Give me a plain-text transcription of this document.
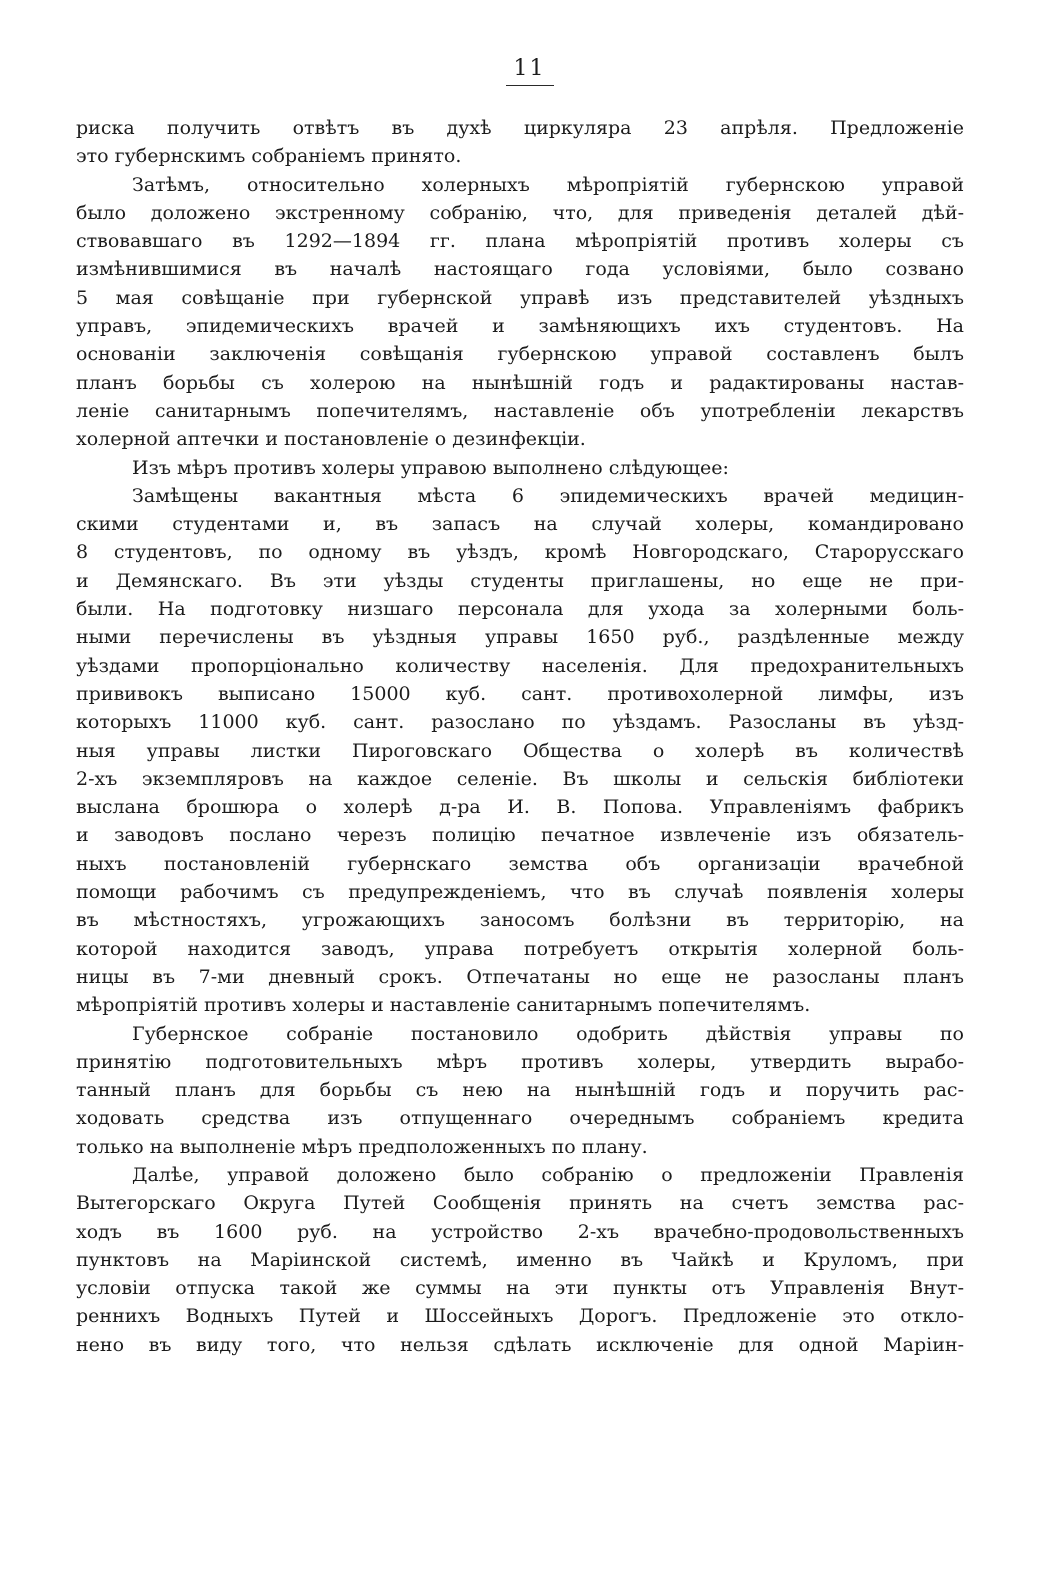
11
риска получить отвѣтъ въ духѣ циркуляра 23 апрѣля. Предложеніе
это губернскимъ собраніемъ принято.
Затѣмъ, относительно холерныхъ мѣропріятій губернскою управой
было доложено экстренному собранію, что, для приведенія деталей дѣй-
ствовавшаго въ 1292—1894 гг. плана мѣропріятій противъ холеры съ
измѣнившимися въ началѣ настоящаго года условіями, было созвано
5 мая совѣщаніе при губернской управѣ изъ представителей уѣздныхъ
управъ, эпидемическихъ врачей и замѣняющихъ ихъ студентовъ. На
основаніи заключенія совѣщанія губернскою управой составленъ былъ
планъ борьбы съ холерою на нынѣшній годъ и радактированы настав-
леніе санитарнымъ попечителямъ, наставленіе объ употребленіи лекарствъ
холерной аптечки и постановленіе о дезинфекціи.
Изъ мѣръ противъ холеры управою выполнено слѣдующее:
Замѣщены вакантныя мѣста 6 эпидемическихъ врачей медицин-
скими студентами и, въ запасъ на случай холеры, командировано
8 студентовъ, по одному въ уѣздъ, кромѣ Новгородскаго, Старорусскаго
и Демянскаго. Въ эти уѣзды студенты приглашены, но еще не при-
были. На подготовку низшаго персонала для ухода за холерными боль-
ными перечислены въ уѣздныя управы 1650 руб., раздѣленные между
уѣздами пропорціонально количеству населенія. Для предохранительныхъ
прививокъ выписано 15000 куб. сант. противохолерной лимфы, изъ
которыхъ 11000 куб. сант. разослано по уѣздамъ. Разосланы въ уѣзд-
ныя управы листки Пироговскаго Общества о холерѣ въ количествѣ
2-хъ экземпляровъ на каждое селеніе. Въ школы и сельскія библіотеки
выслана брошюра о холерѣ д-ра И. В. Попова. Управленіямъ фабрикъ
и заводовъ послано черезъ полицію печатное извлеченіе изъ обязатель-
ныхъ постановленій губернскаго земства объ организаціи врачебной
помощи рабочимъ съ предупрежденіемъ, что въ случаѣ появленія холеры
въ мѣстностяхъ, угрожающихъ заносомъ болѣзни въ территорію, на
которой находится заводъ, управа потребуетъ открытія холерной боль-
ницы въ 7-ми дневный срокъ. Отпечатаны но еще не разосланы планъ
мѣропріятій противъ холеры и наставленіе санитарнымъ попечителямъ.
Губернское собраніе постановило одобрить дѣйствія управы по
принятію подготовительныхъ мѣръ противъ холеры, утвердить вырабо-
танный планъ для борьбы съ нею на нынѣшній годъ и поручить рас-
ходовать средства изъ отпущеннаго очереднымъ собраніемъ кредита
только на выполненіе мѣръ предположенныхъ по плану.
Далѣе, управой доложено было собранію о предложеніи Правленія
Вытегорскаго Округа Путей Сообщенія принять на счетъ земства рас-
ходъ въ 1600 руб. на устройство 2-хъ врачебно-продовольственныхъ
пунктовъ на Маріинской системѣ, именно въ Чайкѣ и Круломъ, при
условіи отпуска такой же суммы на эти пункты отъ Управленія Внут-
реннихъ Водныхъ Путей и Шоссейныхъ Дорогъ. Предложеніе это откло-
нено въ виду того, что нельзя сдѣлать исключеніе для одной Маріин-
